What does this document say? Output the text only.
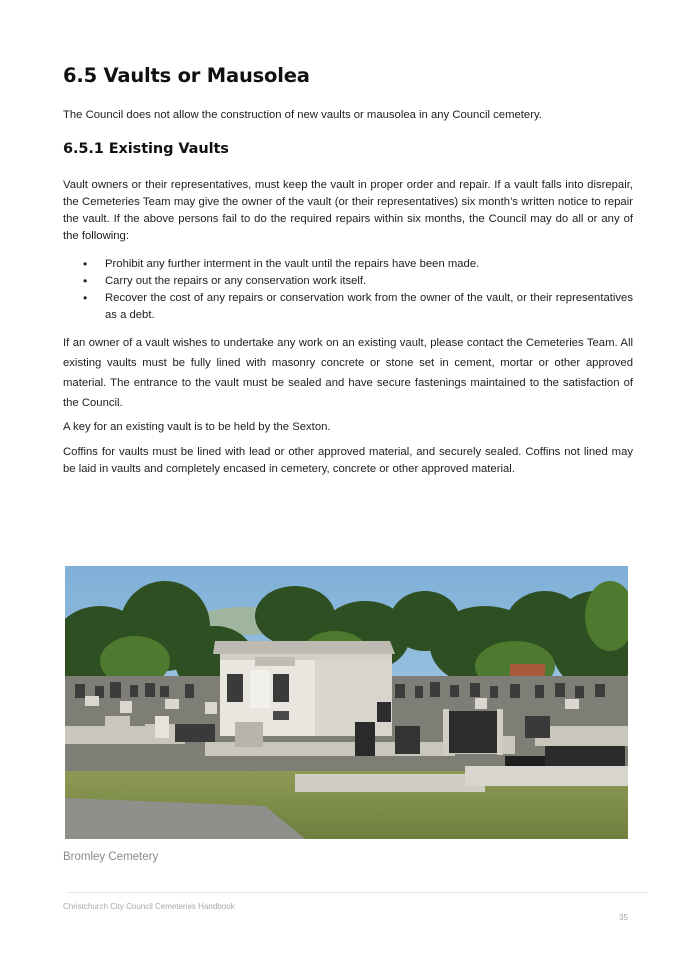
6.5 Vaults or Mausolea

The Council does not allow the construction of new vaults or mausolea in any Council cemetery.

6.5.1 Existing Vaults

Vault owners or their representatives, must keep the vault in proper order and repair. If a vault falls into disrepair, the Cemeteries Team may give the owner of the vault (or their representatives) six month’s written notice to repair the vault. If the above persons fail to do the required repairs within six months, the Council may do all or any of the following:

• Prohibit any further interment in the vault until the repairs have been made.
• Carry out the repairs or any conservation work itself.
• Recover the cost of any repairs or conservation work from the owner of the vault, or their representatives as a debt.

If an owner of a vault wishes to undertake any work on an existing vault, please contact the Cemeteries Team. All existing vaults must be fully lined with masonry concrete or stone set in cement, mortar or other approved material. The entrance to the vault must be sealed and have secure fastenings maintained to the satisfaction of the Council.

A key for an existing vault is to be held by the Sexton.

Coffins for vaults must be lined with lead or other approved material, and securely sealed. Coffins not lined may be laid in vaults and completely encased in cemetery, concrete or other approved material.

Bromley Cemetery

Christchurch City Council Cemeteries Handbook

35
